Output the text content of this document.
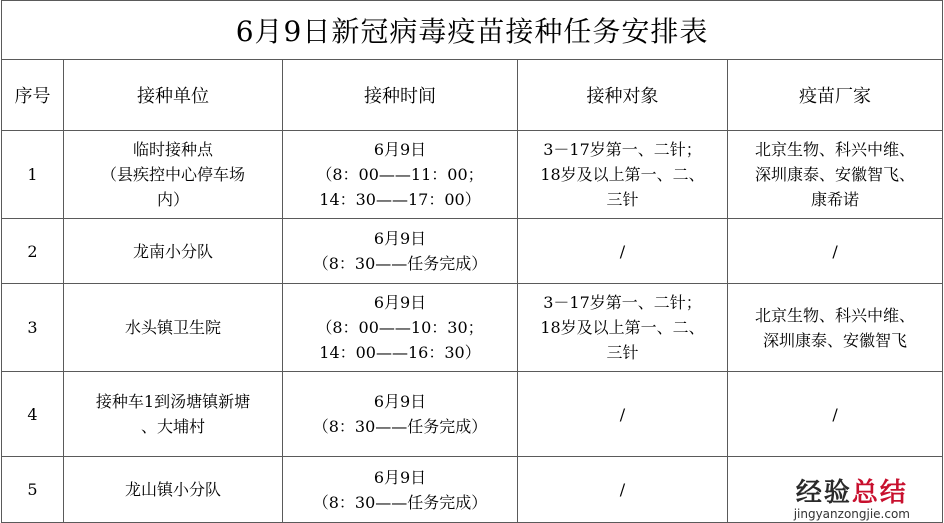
6月9日新冠病毒疫苗接种任务安排表				
序号	接种单位	接种时间	接种对象	疫苗厂家
1	临时接种点
（县疾控中心停车场
内）	6月9日
（8：00——11：00；
14：30——17：00）	3－17岁第一、二针；
18岁及以上第一、二、
三针	北京生物、科兴中维、
深圳康泰、安徽智飞、
康希诺

2	龙南小分队	6月9日
（8：30——任务完成）	/	/

3	水头镇卫生院	6月9日
（8：00——10：30；
14：00——16：30）	3－17岁第一、二针；
18岁及以上第一、二、
三针	北京生物、科兴中维、
深圳康泰、安徽智飞

4	接种车1到汤塘镇新塘
、大埔村	6月9日
（8：30——任务完成）	/	/

5	龙山镇小分队	6月9日
（8：30——任务完成）	/	
		经验总结
jingyanzongjie.com
